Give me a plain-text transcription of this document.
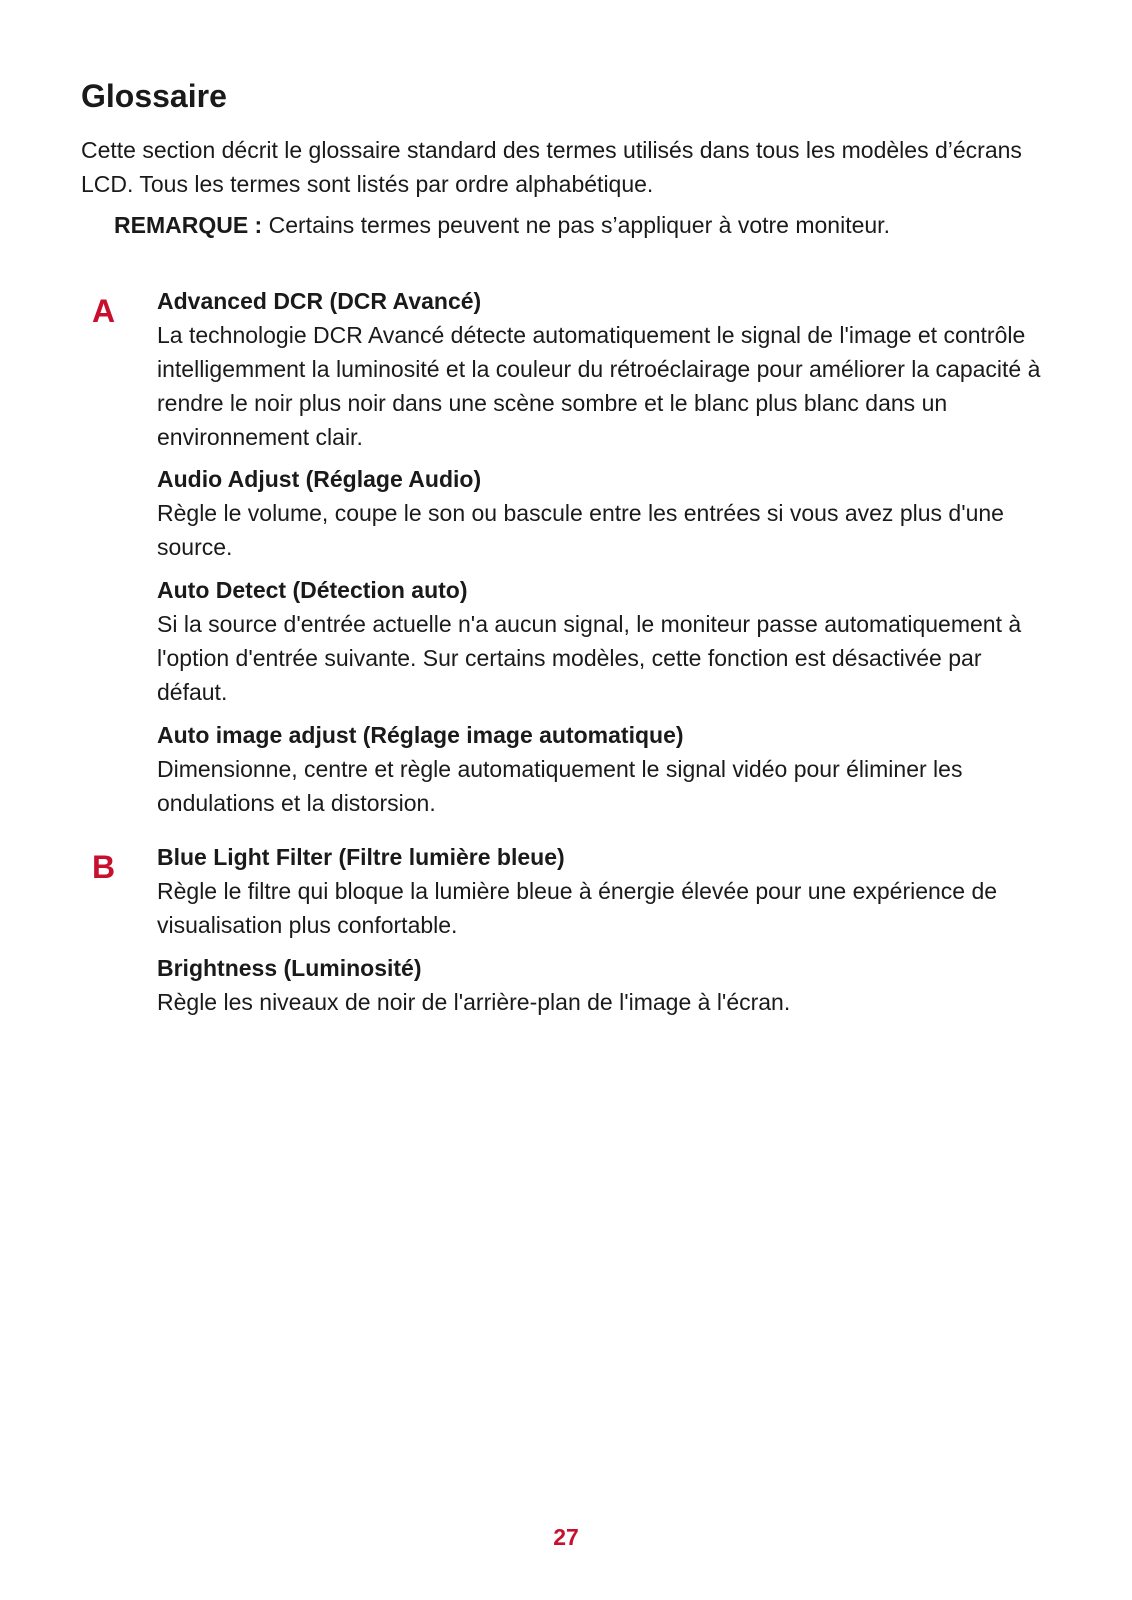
Glossaire

Cette section décrit le glossaire standard des termes utilisés dans tous les modèles d’écrans LCD. Tous les termes sont listés par ordre alphabétique.

REMARQUE : Certains termes peuvent ne pas s’appliquer à votre moniteur.

A Advanced DCR (DCR Avancé)

La technologie DCR Avancé détecte automatiquement le signal de l'image et contrôle intelligemment la luminosité et la couleur du rétroéclairage pour améliorer la capacité à rendre le noir plus noir dans une scène sombre et le blanc plus blanc dans un environnement clair.

Audio Adjust (Réglage Audio)

Règle le volume, coupe le son ou bascule entre les entrées si vous avez plus d'une source.

Auto Detect (Détection auto)

Si la source d'entrée actuelle n'a aucun signal, le moniteur passe automatiquement à l'option d'entrée suivante. Sur certains modèles, cette fonction est désactivée par défaut.

Auto image adjust (Réglage image automatique)

Dimensionne, centre et règle automatiquement le signal vidéo pour éliminer les ondulations et la distorsion.

B Blue Light Filter (Filtre lumière bleue)

Règle le filtre qui bloque la lumière bleue à énergie élevée pour une expérience de visualisation plus confortable.

Brightness (Luminosité)

Règle les niveaux de noir de l'arrière-plan de l'image à l'écran.

27
